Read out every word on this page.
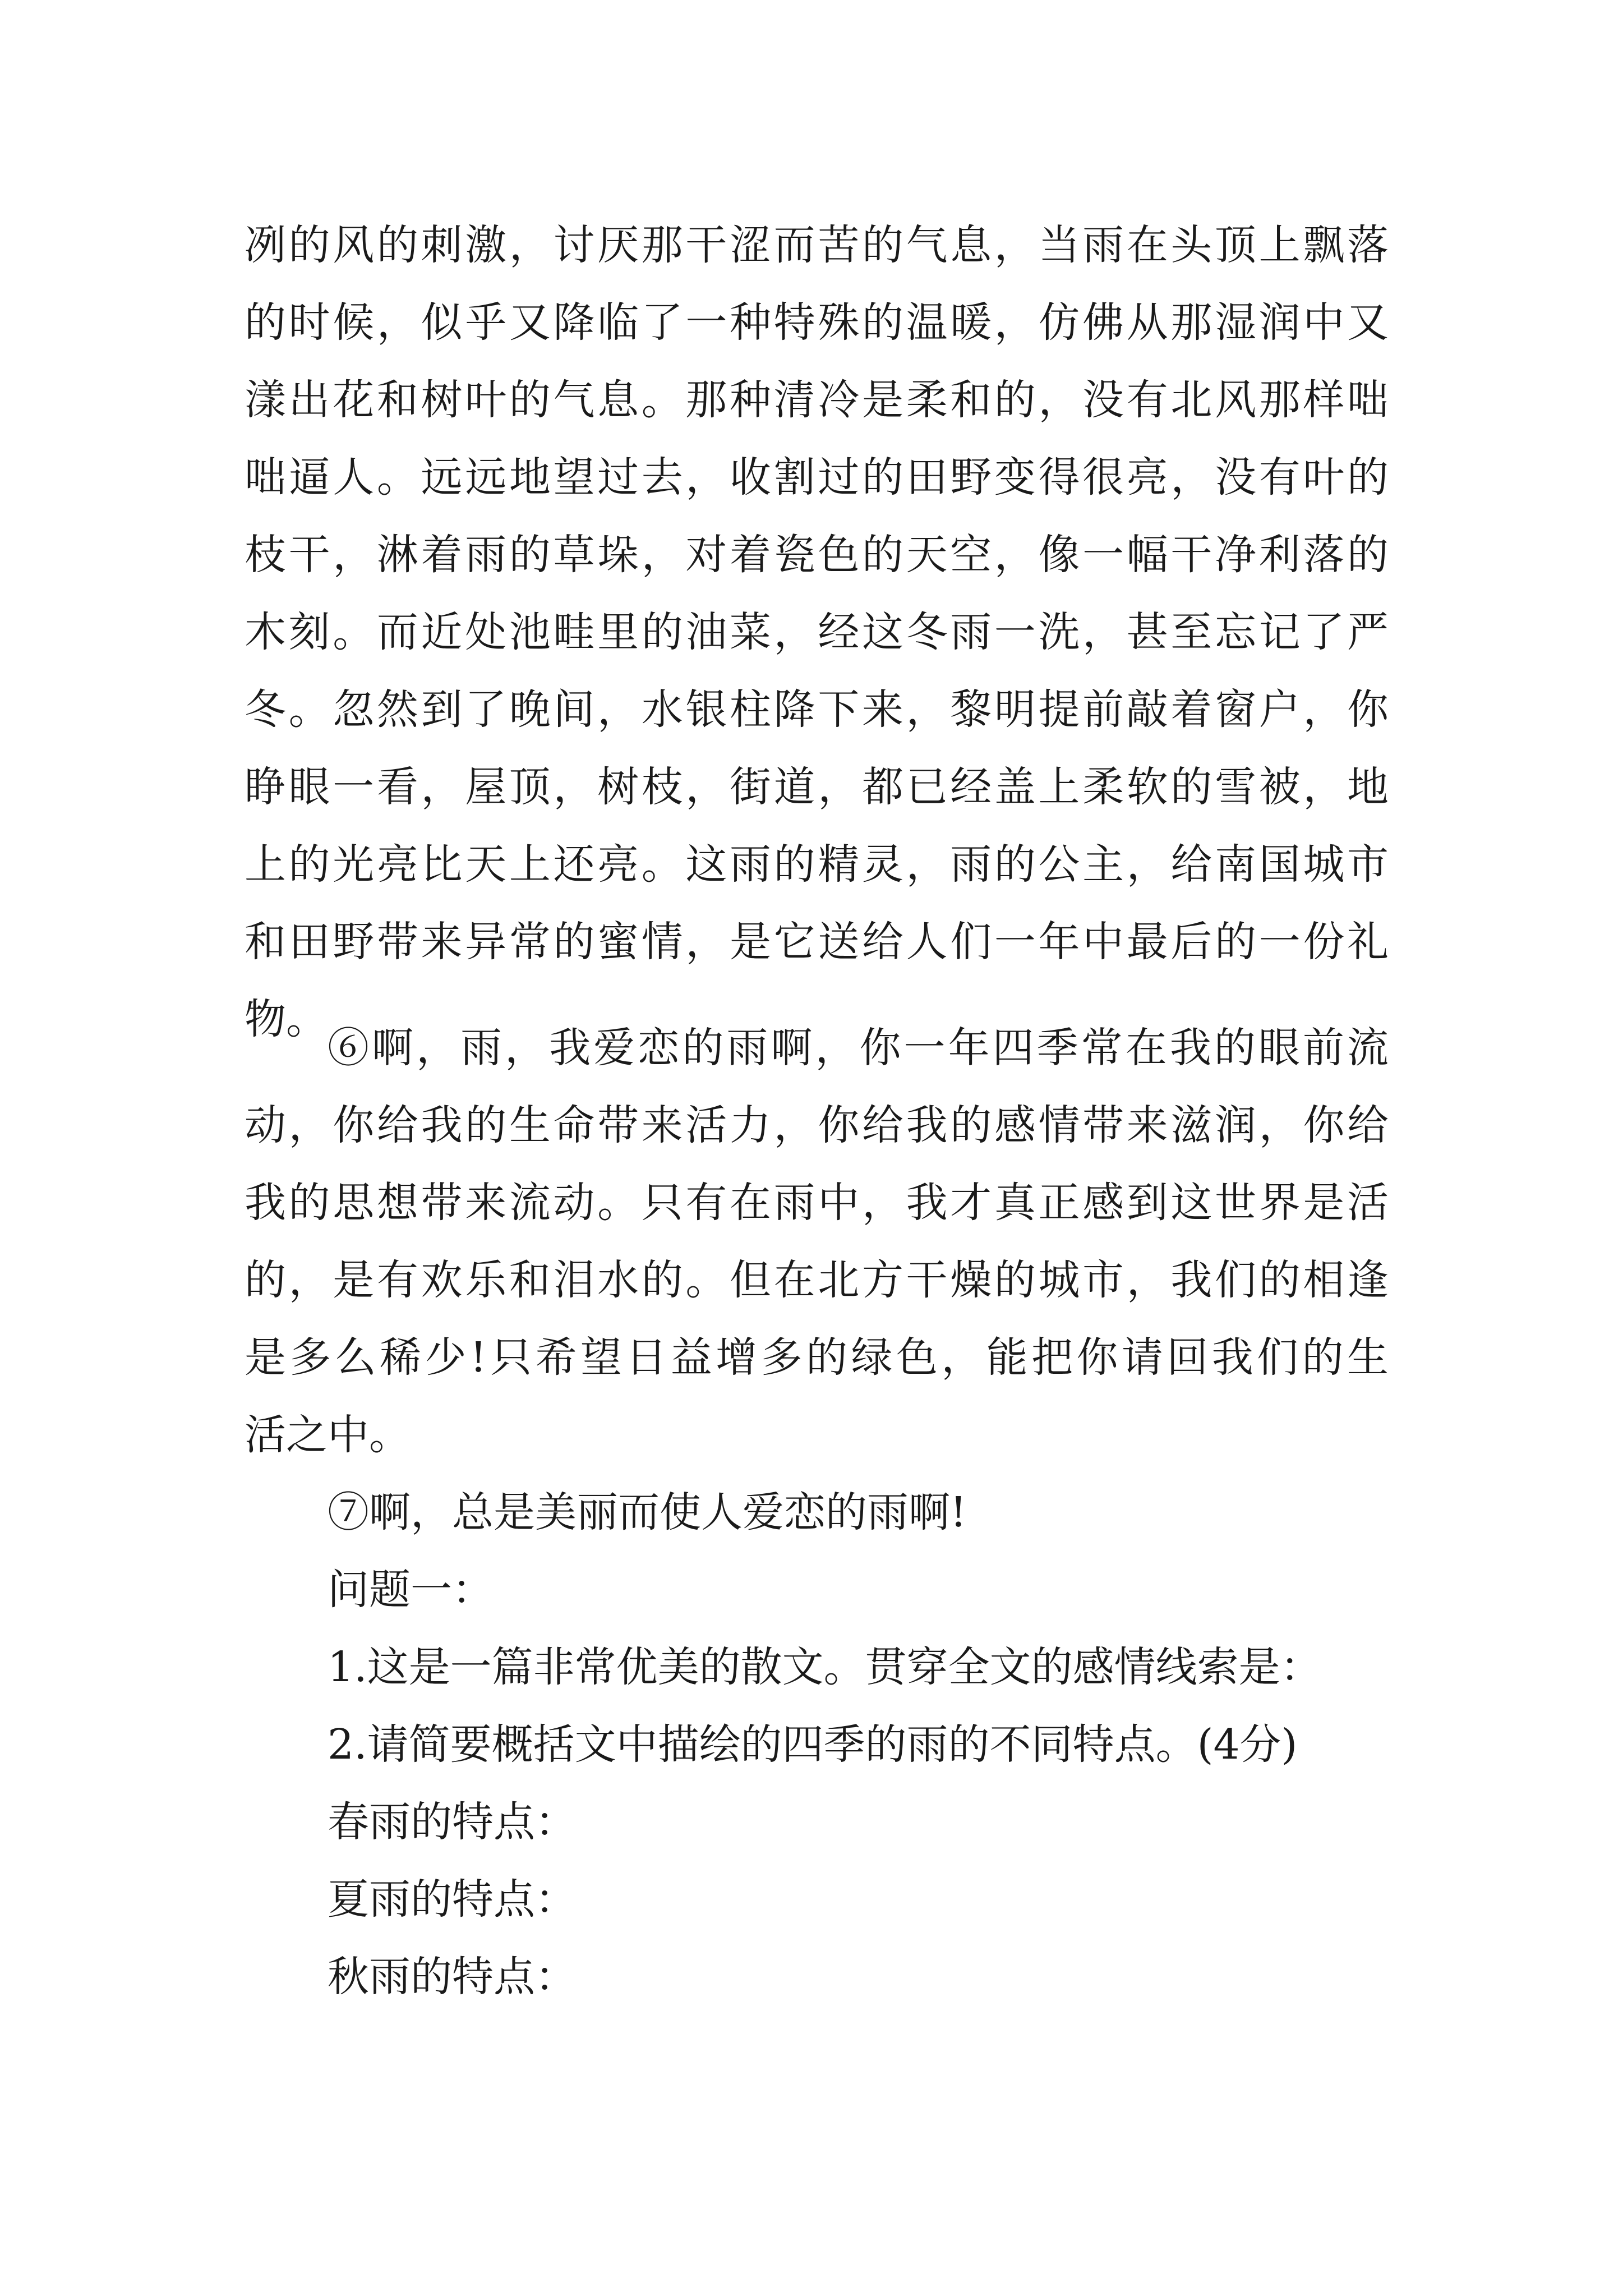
冽的风的刺激，讨厌那干涩而苦的气息，当雨在头顶上飘落
的时候，似乎又降临了一种特殊的温暖，仿佛从那湿润中又
漾出花和树叶的气息。那种清冷是柔和的，没有北风那样咄
咄逼人。远远地望过去，收割过的田野变得很亮，没有叶的
枝干，淋着雨的草垛，对着瓷色的天空，像一幅干净利落的
木刻。而近处池畦里的油菜，经这冬雨一洗，甚至忘记了严
冬。忽然到了晚间，水银柱降下来，黎明提前敲着窗户，你
睁眼一看，屋顶，树枝，街道，都已经盖上柔软的雪被，地
上的光亮比天上还亮。这雨的精灵，雨的公主，给南国城市
和田野带来异常的蜜情，是它送给人们一年中最后的一份礼
物。
⑥啊，雨，我爱恋的雨啊，你一年四季常在我的眼前流
动，你给我的生命带来活力，你给我的感情带来滋润，你给
我的思想带来流动。只有在雨中，我才真正感到这世界是活
的，是有欢乐和泪水的。但在北方干燥的城市，我们的相逢
是多么稀少!只希望日益增多的绿色，能把你请回我们的生
活之中。
⑦啊，总是美丽而使人爱恋的雨啊!
问题一：
1.这是一篇非常优美的散文。贯穿全文的感情线索是：
2.请简要概括文中描绘的四季的雨的不同特点。(4分)
春雨的特点：
夏雨的特点：
秋雨的特点：
